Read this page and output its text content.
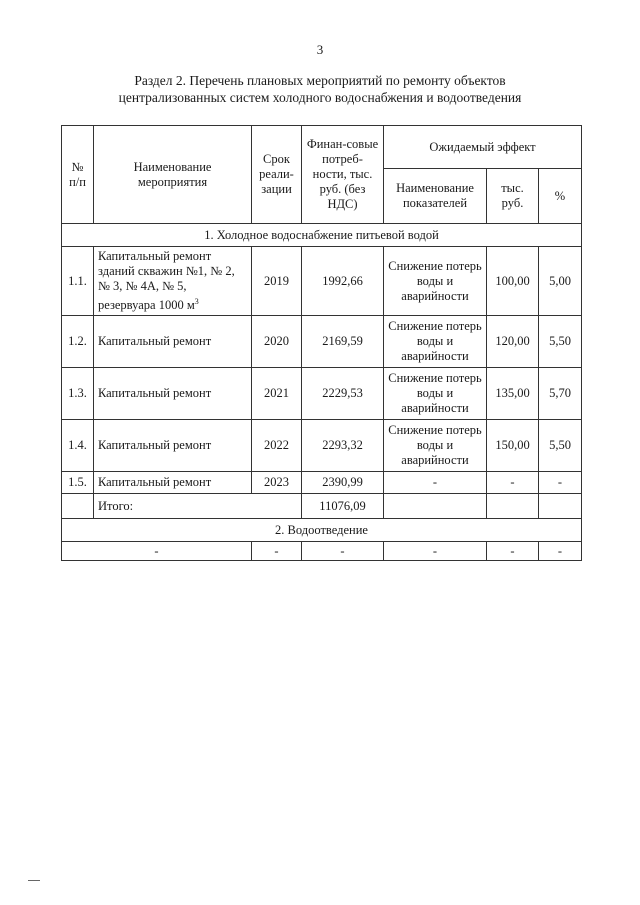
3
Раздел 2. Перечень плановых мероприятий по ремонту объектов
централизованных систем холодного водоснабжения и водоотведения
№ п/п	Наименование мероприятия	Срок реали-зации	Финан-совые потреб-ности, тыс. руб. (без НДС)	Ожидаемый эффект		
				Наименование показателей	тыс. руб.	%
1. Холодное водоснабжение питьевой водой						
1.1.	Капитальный ремонт зданий скважин №1, № 2, № 3, № 4А, № 5, резервуара 1000 $м^3$	2019	1992,66	Снижение потерь воды и аварийности	100,00	5,00
1.2.	Капитальный ремонт	2020	2169,59	Снижение потерь воды и аварийности	120,00	5,50
1.3.	Капитальный ремонт	2021	2229,53	Снижение потерь воды и аварийности	135,00	5,70
1.4.	Капитальный ремонт	2022	2293,32	Снижение потерь воды и аварийности	150,00	5,50
1.5.	Капитальный ремонт	2023	2390,99	-	-	-
	Итого:		11076,09			
2. Водоотведение						
-		-	-	-	-	-
